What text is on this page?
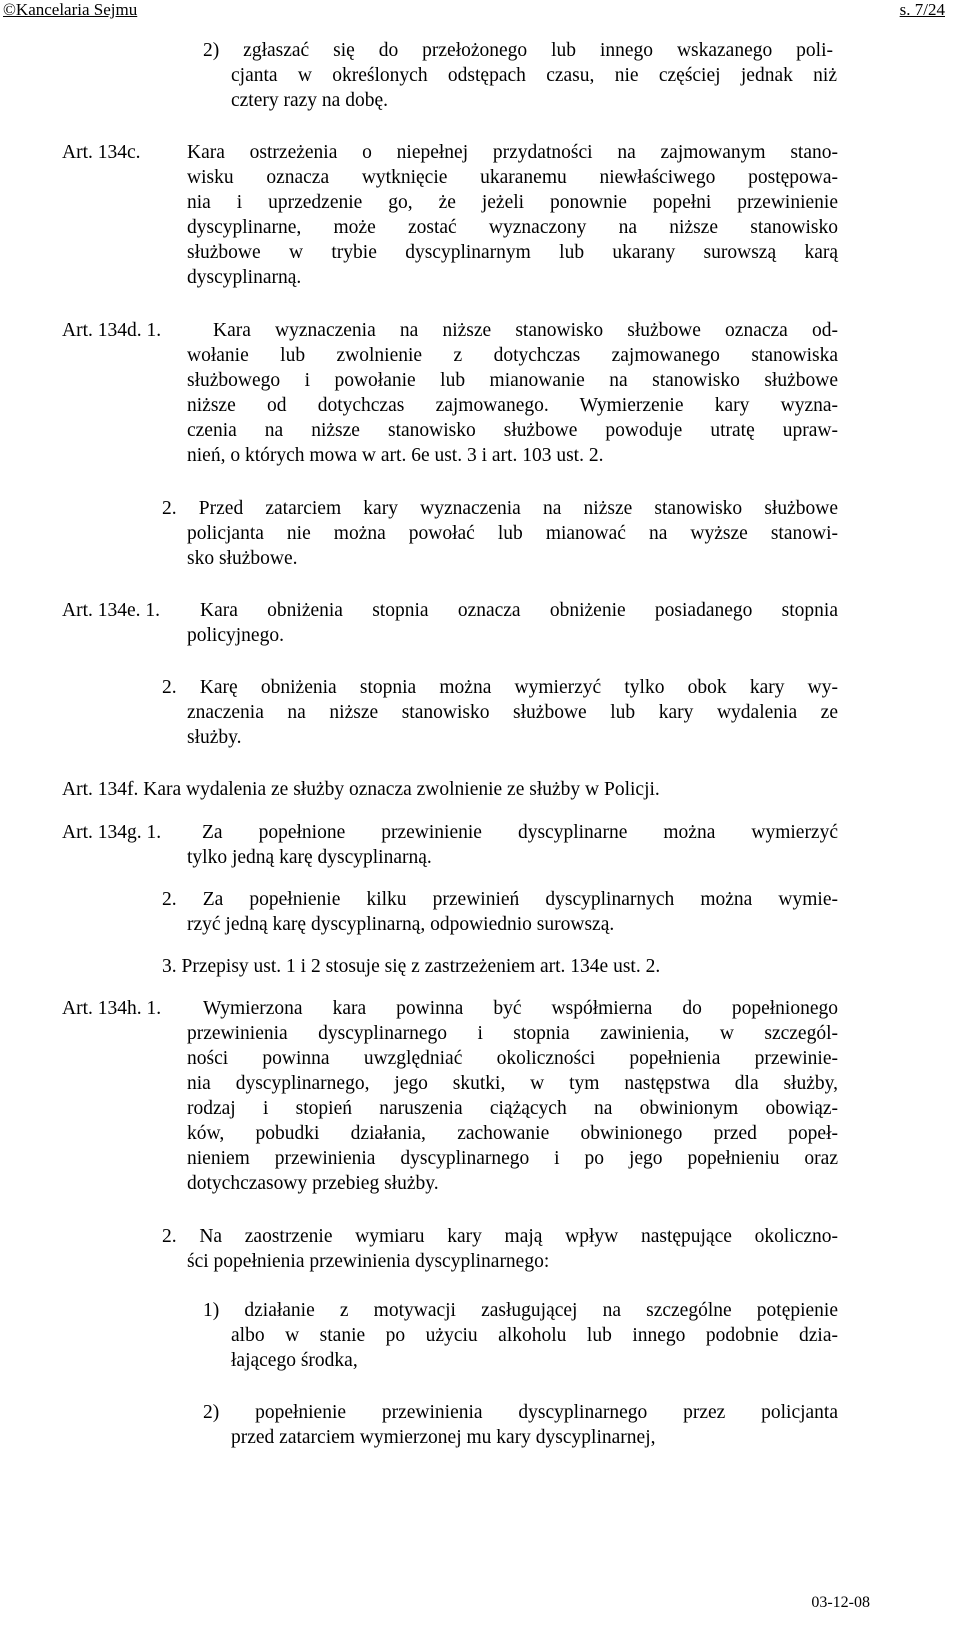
©Kancelaria Sejmu	s. 7/24
2) zgłaszać się do przełożonego lub innego wskazanego poli-
cjanta w określonych odstępach czasu, nie częściej jednak niż
cztery razy na dobę.
Art. 134c. Kara ostrzeżenia o niepełnej przydatności na zajmowanym stano-
wisku oznacza wytknięcie ukaranemu niewłaściwego postępowa-
nia i uprzedzenie go, że jeżeli ponownie popełni przewinienie
dyscyplinarne, może zostać wyznaczony na niższe stanowisko
służbowe w trybie dyscyplinarnym lub ukarany surowszą karą
dyscyplinarną.
Art. 134d. 1.	Kara wyznaczenia na niższe stanowisko służbowe oznacza od-
wołanie lub zwolnienie z dotychczas zajmowanego stanowiska
służbowego i powołanie lub mianowanie na stanowisko służbowe
niższe od dotychczas zajmowanego. Wymierzenie kary wyzna-
czenia na niższe stanowisko służbowe powoduje utratę upraw-
nień, o których mowa w art. 6e ust. 3 i art. 103 ust. 2.
2. Przed zatarciem kary wyznaczenia na niższe stanowisko służbowe
policjanta nie można powołać lub mianować na wyższe stanowi-
sko służbowe.
Art. 134e. 1. Kara obniżenia stopnia oznacza obniżenie posiadanego stopnia
policyjnego.
2. Karę obniżenia stopnia można wymierzyć tylko obok kary wy-
znaczenia na niższe stanowisko służbowe lub kary wydalenia ze
służby.
Art. 134f. Kara wydalenia ze służby oznacza zwolnienie ze służby w Policji.
Art. 134g. 1. Za popełnione przewinienie dyscyplinarne można wymierzyć
tylko jedną karę dyscyplinarną.
2. Za popełnienie kilku przewinień dyscyplinarnych można wymie-
rzyć jedną karę dyscyplinarną, odpowiednio surowszą.
3. Przepisy ust. 1 i 2 stosuje się z zastrzeżeniem art. 134e ust. 2.
Art. 134h. 1. Wymierzona kara powinna być współmierna do popełnionego
przewinienia dyscyplinarnego i stopnia zawinienia, w szczegól-
ności powinna uwzględniać okoliczności popełnienia przewinie-
nia dyscyplinarnego, jego skutki, w tym następstwa dla służby,
rodzaj i stopień naruszenia ciążących na obwinionym obowiąz-
ków, pobudki działania, zachowanie obwinionego przed popeł-
nieniem przewinienia dyscyplinarnego i po jego popełnieniu oraz
dotychczasowy przebieg służby.
2. Na zaostrzenie wymiaru kary mają wpływ następujące okoliczno-
ści popełnienia przewinienia dyscyplinarnego:
1) działanie z motywacji zasługującej na szczególne potępienie
albo w stanie po użyciu alkoholu lub innego podobnie dzia-
łającego środka,
2) popełnienie przewinienia dyscyplinarnego przez policjanta
przed zatarciem wymierzonej mu kary dyscyplinarnej,
03-12-08
